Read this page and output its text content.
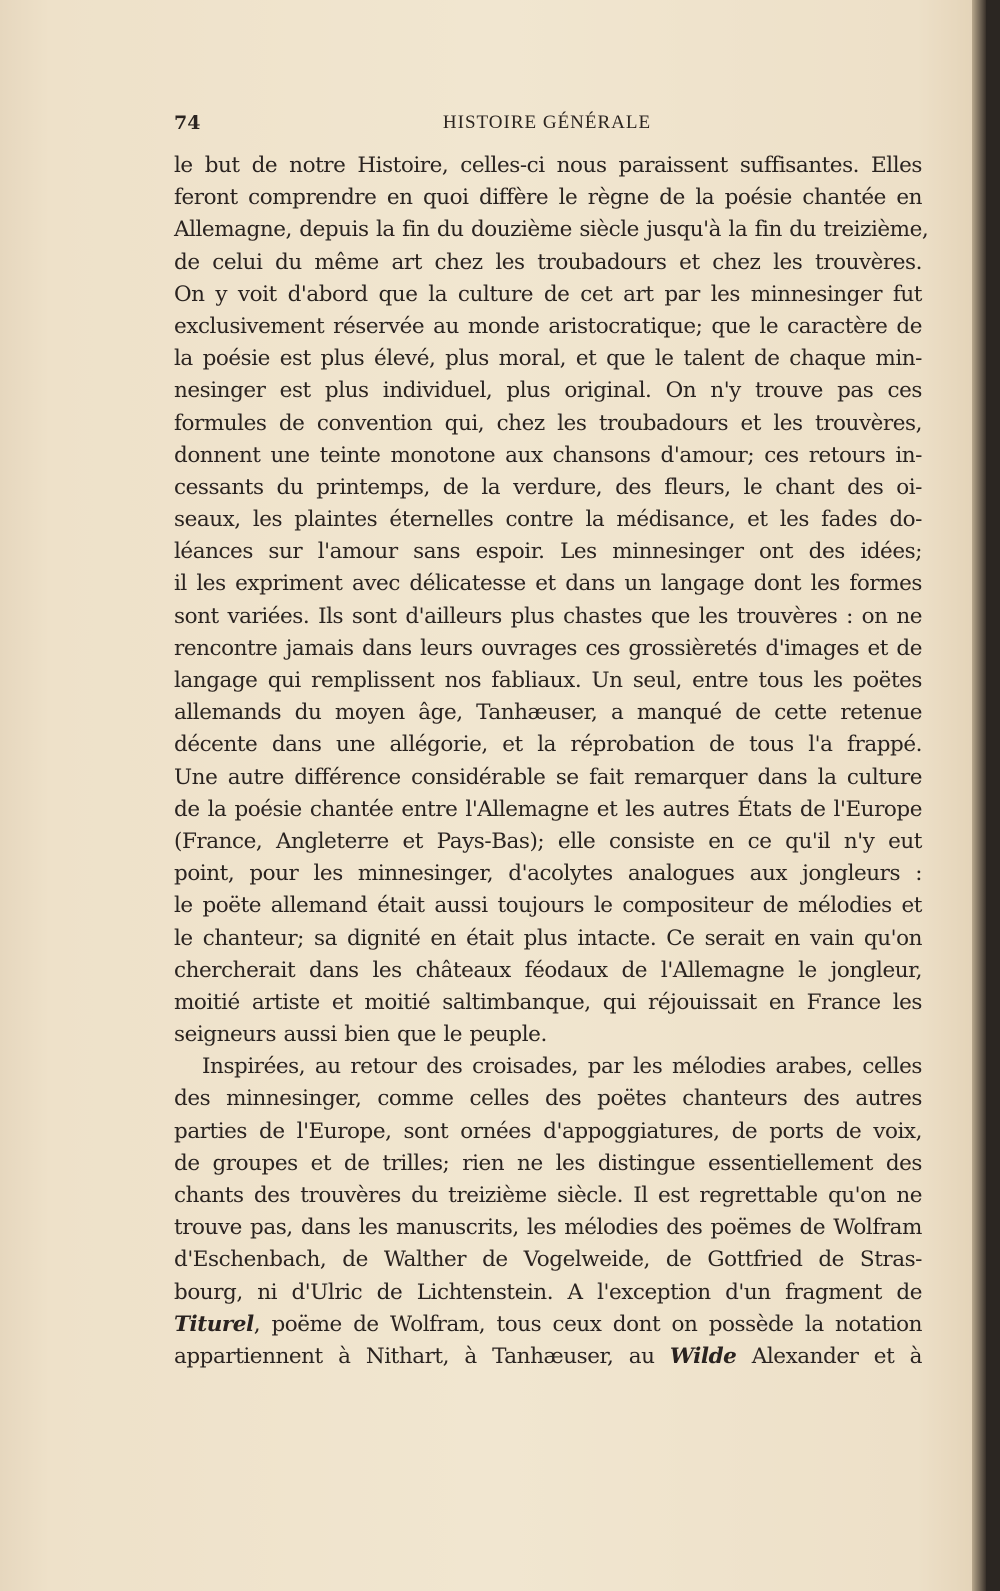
74	HISTOIRE GÉNÉRALE
le but de notre Histoire, celles-ci nous paraissent suffisantes. Elles
feront comprendre en quoi diffère le règne de la poésie chantée en
Allemagne, depuis la fin du douzième siècle jusqu'à la fin du treizième,
de celui du même art chez les troubadours et chez les trouvères.
On y voit d'abord que la culture de cet art par les minnesinger fut
exclusivement réservée au monde aristocratique; que le caractère de
la poésie est plus élevé, plus moral, et que le talent de chaque min-
nesinger est plus individuel, plus original. On n'y trouve pas ces
formules de convention qui, chez les troubadours et les trouvères,
donnent une teinte monotone aux chansons d'amour; ces retours in-
cessants du printemps, de la verdure, des fleurs, le chant des oi-
seaux, les plaintes éternelles contre la médisance, et les fades do-
léances sur l'amour sans espoir. Les minnesinger ont des idées;
il les expriment avec délicatesse et dans un langage dont les formes
sont variées. Ils sont d'ailleurs plus chastes que les trouvères : on ne
rencontre jamais dans leurs ouvrages ces grossièretés d'images et de
langage qui remplissent nos fabliaux. Un seul, entre tous les poëtes
allemands du moyen âge, Tanhæuser, a manqué de cette retenue
décente dans une allégorie, et la réprobation de tous l'a frappé.
Une autre différence considérable se fait remarquer dans la culture
de la poésie chantée entre l'Allemagne et les autres États de l'Europe
(France, Angleterre et Pays-Bas); elle consiste en ce qu'il n'y eut
point, pour les minnesinger, d'acolytes analogues aux jongleurs :
le poëte allemand était aussi toujours le compositeur de mélodies et
le chanteur; sa dignité en était plus intacte. Ce serait en vain qu'on
chercherait dans les châteaux féodaux de l'Allemagne le jongleur,
moitié artiste et moitié saltimbanque, qui réjouissait en France les
seigneurs aussi bien que le peuple.
Inspirées, au retour des croisades, par les mélodies arabes, celles
des minnesinger, comme celles des poëtes chanteurs des autres
parties de l'Europe, sont ornées d'appoggiatures, de ports de voix,
de groupes et de trilles; rien ne les distingue essentiellement des
chants des trouvères du treizième siècle. Il est regrettable qu'on ne
trouve pas, dans les manuscrits, les mélodies des poëmes de Wolfram
d'Eschenbach, de Walther de Vogelweide, de Gottfried de Stras-
bourg, ni d'Ulric de Lichtenstein. A l'exception d'un fragment de
Titurel, poëme de Wolfram, tous ceux dont on possède la notation
appartiennent à Nithart, à Tanhæuser, au Wilde Alexander et à
